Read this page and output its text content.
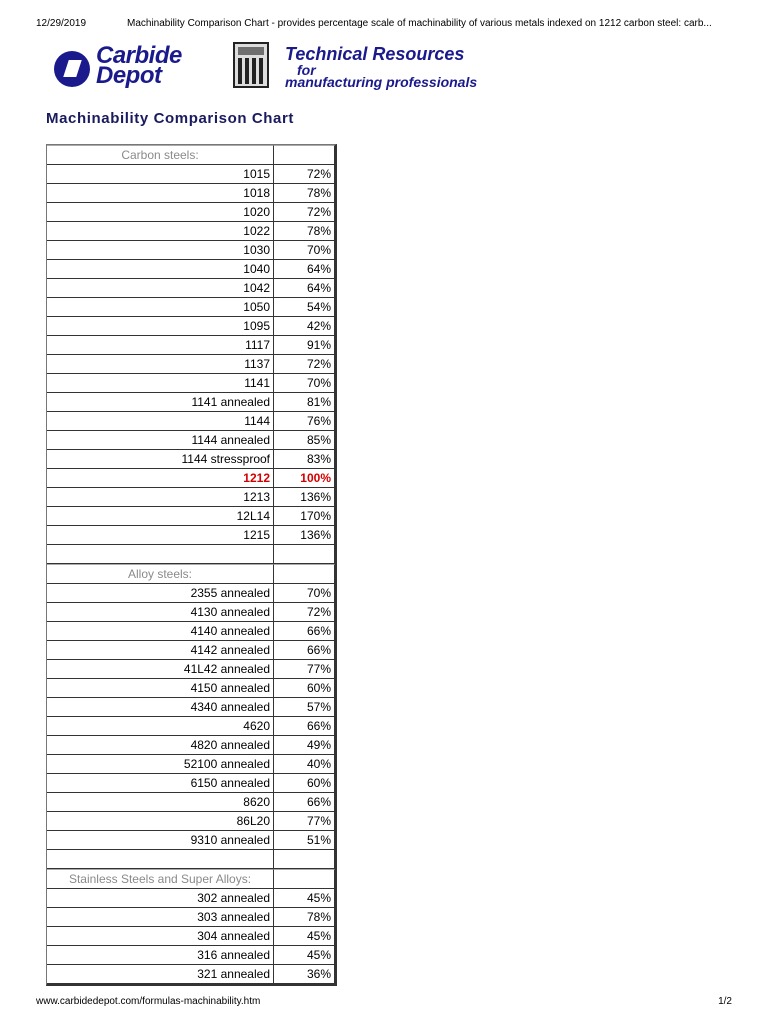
12/29/2019	Machinability Comparison Chart - provides percentage scale of machinability of various metals indexed on 1212 carbon steel: carb...
Carbide
Depot
Technical Resources
for
manufacturing professionals
Machinability Comparison Chart
Carbon steels:	
1015	72%
1018	78%
1020	72%
1022	78%
1030	70%
1040	64%
1042	64%
1050	54%
1095	42%
1117	91%
1137	72%
1141	70%
1141 annealed	81%
1144	76%
1144 annealed	85%
1144 stressproof	83%
1212	100%
1213	136%
12L14	170%
1215	136%

Alloy steels:	
2355 annealed	70%
4130 annealed	72%
4140 annealed	66%
4142 annealed	66%
41L42 annealed	77%
4150 annealed	60%
4340 annealed	57%
4620	66%
4820 annealed	49%
52100 annealed	40%
6150 annealed	60%
8620	66%
86L20	77%
9310 annealed	51%

Stainless Steels and Super Alloys:	
302 annealed	45%
303 annealed	78%
304 annealed	45%
316 annealed	45%
321 annealed	36%
www.carbidedepot.com/formulas-machinability.htm	1/2
